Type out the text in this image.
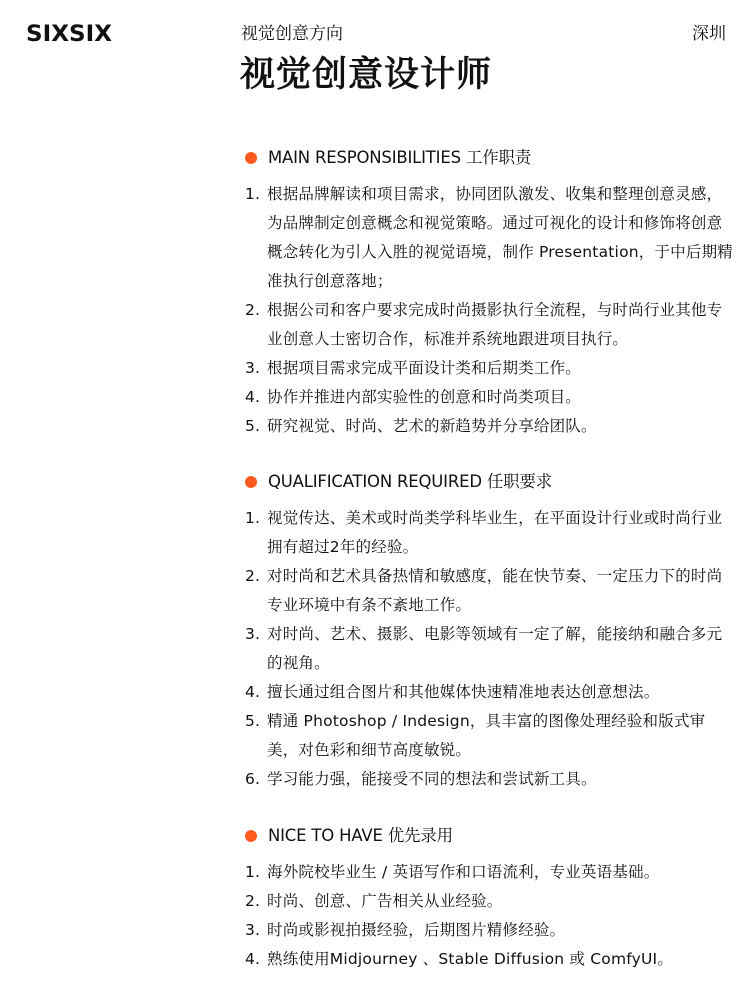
SIXSIX	视觉创意方向	深圳
视觉创意设计师
MAIN RESPONSIBILITIES 工作职责
1. 根据品牌解读和项目需求，协同团队激发、收集和整理创意灵感，为品牌制定创意概念和视觉策略。通过可视化的设计和修饰将创意概念转化为引人入胜的视觉语境，制作 Presentation，于中后期精准执行创意落地；
2. 根据公司和客户要求完成时尚摄影执行全流程，与时尚行业其他专业创意人士密切合作，标准并系统地跟进项目执行。
3. 根据项目需求完成平面设计类和后期类工作。
4. 协作并推进内部实验性的创意和时尚类项目。
5. 研究视觉、时尚、艺术的新趋势并分享给团队。
QUALIFICATION REQUIRED 任职要求
1. 视觉传达、美术或时尚类学科毕业生，在平面设计行业或时尚行业拥有超过2年的经验。
2. 对时尚和艺术具备热情和敏感度，能在快节奏、一定压力下的时尚专业环境中有条不紊地工作。
3. 对时尚、艺术、摄影、电影等领域有一定了解，能接纳和融合多元的视角。
4. 擅长通过组合图片和其他媒体快速精准地表达创意想法。
5. 精通 Photoshop / Indesign，具丰富的图像处理经验和版式审美，对色彩和细节高度敏锐。
6. 学习能力强，能接受不同的想法和尝试新工具。
NICE TO HAVE 优先录用
1. 海外院校毕业生 / 英语写作和口语流利，专业英语基础。
2. 时尚、创意、广告相关从业经验。
3. 时尚或影视拍摄经验，后期图片精修经验。
4. 熟练使用Midjourney 、Stable Diffusion 或 ComfyUI。
